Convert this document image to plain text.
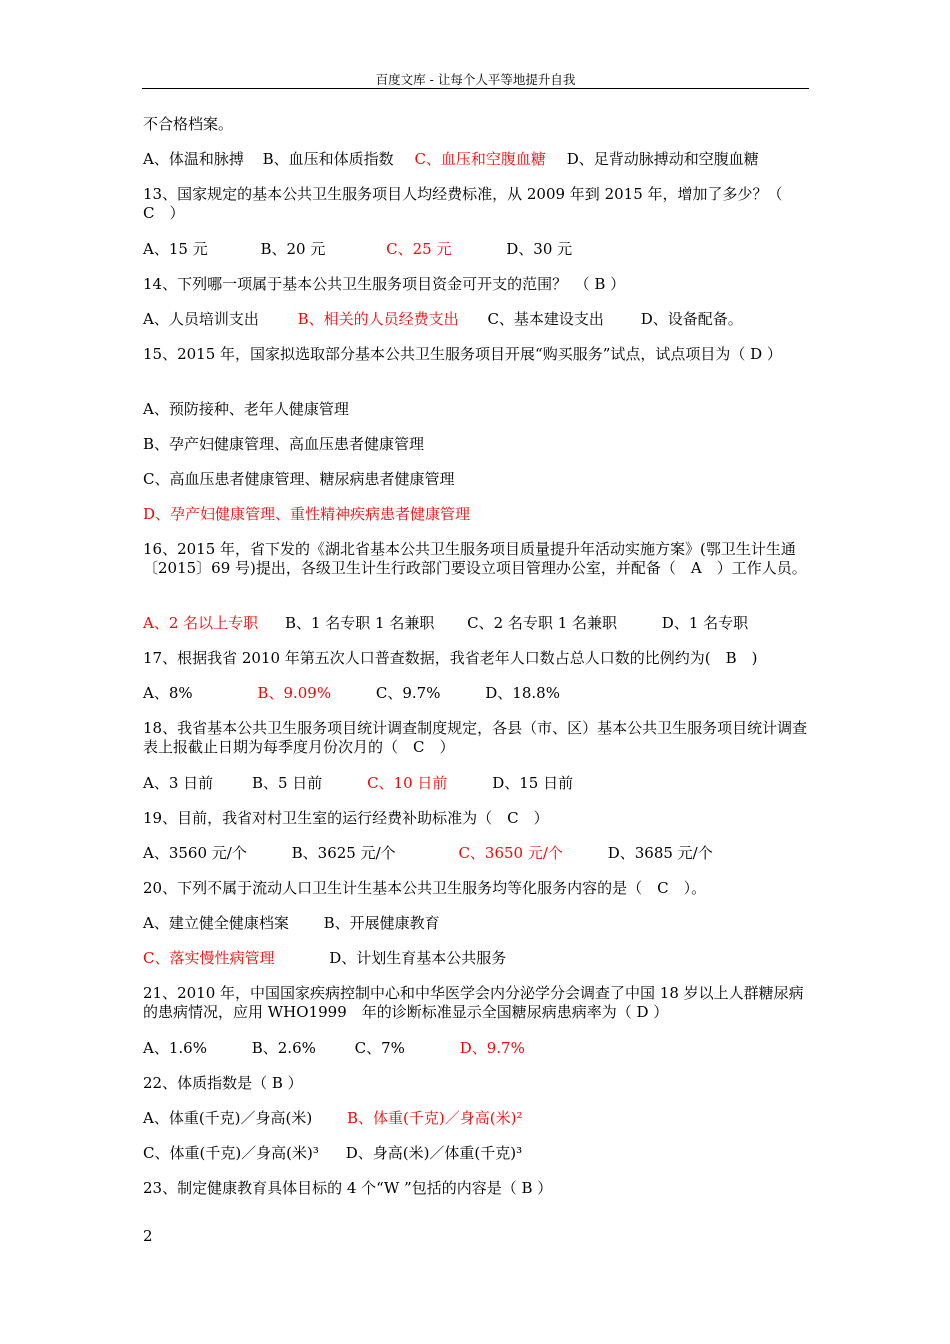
百度文库 - 让每个人平等地提升自我
不合格档案。
A、体温和脉搏 B、血压和体质指数 C、血压和空腹血糖 D、足背动脉搏动和空腹血糖
13、国家规定的基本公共卫生服务项目人均经费标准，从 2009 年到 2015 年，增加了多少？（　C　）
A、15 元	B、20 元	C、25 元	D、30 元
14、下列哪一项属于基本公共卫生服务项目资金可开支的范围？　（ B ）
A、人员培训支出	B、相关的人员经费支出 C、基本建设支出 D、设备配备。
15、2015 年，国家拟选取部分基本公共卫生服务项目开展“购买服务”试点，试点项目为（ D ）
A、预防接种、老年人健康管理
B、孕产妇健康管理、高血压患者健康管理
C、高血压患者健康管理、糖尿病患者健康管理
D、孕产妇健康管理、重性精神疾病患者健康管理
16、2015 年，省下发的《湖北省基本公共卫生服务项目质量提升年活动实施方案》(鄂卫生计生通〔2015〕69 号)提出，各级卫生计生行政部门要设立项目管理办公室，并配备（　A　）工作人员。
A、2 名以上专职 B、1 名专职 1 名兼职 C、2 名专职 1 名兼职	D、1 名专职
17、根据我省 2010 年第五次人口普查数据，我省老年人口数占总人口数的比例约为(　B　)
A、8%	B、9.09%	C、9.7%	D、18.8%
18、我省基本公共卫生服务项目统计调查制度规定，各县（市、区）基本公共卫生服务项目统计调查表上报截止日期为每季度月份次月的（　C　）
A、3 日前	B、5 日前	C、10 日前	D、15 日前
19、目前，我省对村卫生室的运行经费补助标准为（　C　）
A、3560 元/个	B、3625 元/个	C、3650 元/个	D、3685 元/个
20、下列不属于流动人口卫生计生基本公共卫生服务均等化服务内容的是（　C　）。
A、建立健全健康档案 B、开展健康教育
C、落实慢性病管理	D、计划生育基本公共服务
21、2010 年，中国国家疾病控制中心和中华医学会内分泌学分会调查了中国 18 岁以上人群糖尿病的患病情况，应用 WHO1999　年的诊断标准显示全国糖尿病患病率为（ D ）
A、1.6%	B、2.6%	C、7%	D、9.7%
22、体质指数是（ B ）
A、体重(千克)／身高(米) B、体重(千克)／身高(米)²
C、体重(千克)／身高(米)³ D、身高(米)／体重(千克)³
23、制定健康教育具体目标的 4 个“W ”包括的内容是（ B ）
2
